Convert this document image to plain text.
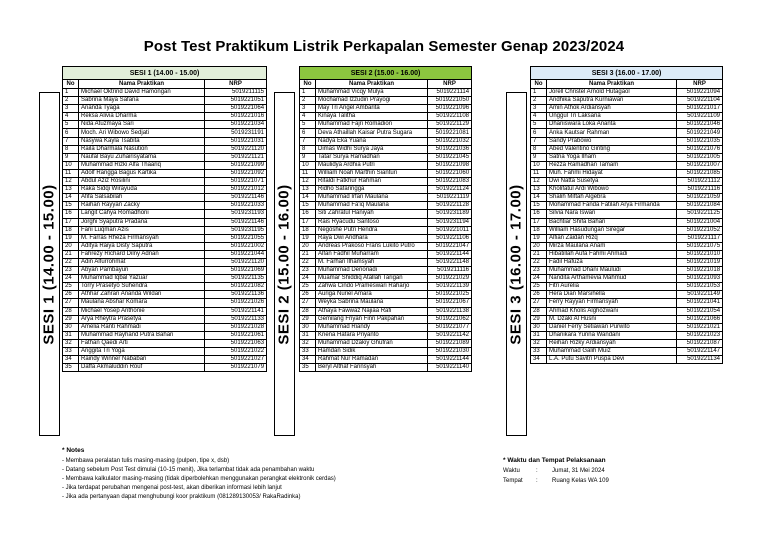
Post Test Praktikum Listrik Perkapalan Semester Genap 2023/2024
SESI 1 (14.00 - 15.00)	SESI 2 (15.00 - 16.00)	SESI 3 (16.00 - 17.00)
SESI 1 (14.00 - 15.00)		
No	Nama Praktikan	NRP
1	Michael Oktrind David Hamongan	5019211115
2	Sabrina Maya Safana	5019221051
3	Ananda Tyaga	5019221064
4	Reksa Alivia Dharma	5019221016
5	Nida Atuzmaya Sari	5019221034
6	Moch. Ari Wibowo Sedjati	5019231191
7	Nasywa Kayla Tsabita	5019221031
8	Raila Dharmala Nasution	5019221120
9	Naufal Bayu Zuhairisyatama	5019221121
10	Muhammad Rizki Alfa Thaariq	5019221099
11	Adolf Rangga Bagus Kartika	5019221092
12	Abdul Aziz Rosilini	5019221071
13	Raka Sidqi Wirayuda	5019221012
14	Afifa Salsabilah	5019221146
15	Raihan Rayyan Zacky	5019221033
16	Langit Cahya Romadhoni	5019231193
17	Jorghi Syaputra Pradana	5019221146
18	Fani Luqman Azis	5019231195
19	M. Farras Rheza Firmansyah	5019221055
20	Aditya Raiya Disty Saputra	5019221002
21	Fahrezy Richard Dilny Adnan	5019221044
22	Adin Alfurrohmat	5019221120
23	Abyan Pambayun	5019221069
24	Muhammad Iqbal Yazuar	5019221135
25	Torry Prasetyo Suhendra	5019221082
26	Athhar Zahran Ananda Wildan	5019221136
27	Maulana Abshar Komara	5019221026
28	Michael Yosep Anthonie	5019221141
29	Arya Rheytra Prasetya	5019221133
30	Amelia Ranti Rahmadi	5019221028
31	Muhammad Rayhand Putra Bahari	5019221061
32	Fathan Qaedi Arti	5019221063
33	Anggita Tri Yoga	5019221022
34	Raindy Winner Nababan	5019221027
35	Daffa Akmaluddin Rouf	5019221079
SESI 2 (15.00 - 16.00)		
No	Nama Praktikan	NRP
1	Muhammad Vicqy Mulya	5019221114
2	Mochamad Izzudin Prayogi	5019221050
3	May Tri Angel Ambarita	5019221096
4	Kinaya Talitha	5019221108
5	Muhammad Fajri Romadion	5019221129
6	Deva Athaillah Kaisar Putra Sugara	5019221081
7	Nadya Eka Yuana	5019221032
8	Dimas Widhi Surya Jaya	5019221036
9	Tatar Surya Ramadhan	5019221045
10	Maulidya Ardhia Putri	5019221098
11	William Noah Marthin Sianturi	5019221060
12	Rifaldi Fatkhur Rahman	5019221083
13	Ridho Safaringga	5019221124
14	Muhammad Irfan Maulana	5019221119
15	Muhammad Fa'iq Maulana	5019221128
16	Siti Zahratul Haniyah	5019231189
17	Rais Ryacudu Santoso	5019231194
18	Negoshe Putri Hendra	5019221011
19	Raya Dwi Andhara	5019221106
20	Andreas Prakoso Frans Lukito Putro	5019221047
21	Alfan Fadhil Muharram	5019221144
22	M. Farhan Ilhamsyah	5019221148
23	Muhammad Denoriadi	5019211116
24	Muamar Shiddiq Atallah Tarigan	5019221029
25	Zahwa Cindo Prameswari Raharjo	5019221139
26	Auriga Nuriel Amara	5019221025
27	Weyka Sabrina Maulana	5019221067
28	Athaya Fawwaz Najiaa Rafi	5019221138
29	Gemilang Friyan Finn Pakpahan	5019221062
30	Muhammad Riandy	5019221077
31	Kriena Hafara Priyanto	5019221142
32	Muhammad Dzakiy Ghufran	5019221089
33	Hamdan Sidik	5019221030
34	Rahmat Nur Ramadan	5019221144
35	Beryl Althaf Farinsyah	5019221140
SESI 3 (16.00 - 17.00)		
No	Nama Praktikan	NRP
1	Jorell Christel Arnold Hutagaol	5019221094
2	Andhika Saputra Kurniawan	5019221104
3	Amin Athok Ardiansyah	5019221017
4	Unggul Tri Laksana	5019221109
5	Dhaniswara Loka Ananta	5019221046
6	Anka Kautsar Rahman	5019221049
7	Sandy Prabowo	5019221035
8	Abed Valentino Ginting	5019221076
9	Satria Yoga Ilham	5019221005
10	Rezza Ramadhan Tamam	5019221007
11	Muh. Fahmi Hidayat	5019221085
12	Dwi Natta Susetya	5019221112
13	Kholifatul Ardi Wibowo	5019221116
14	Shalih Miftah Algebra	5019221059
15	Mohammad Fanda Fatilah Arya Firmanda	5019221084
16	Silvia Nara Iswari	5019221125
17	Bachtiar Shifa Bahari	5019221004
18	William Hasudungan Siregar	5019221052
19	Alfian Zaidan Rizq	5019221117
20	Mirza Maulana Anam	5019221075
21	Hibatillah Aufa Fahmi Ahmadi	5019221010
22	Fadil Hafuza	5019221019
23	Muhammad Dhani Mauludi	5019221018
24	Nandita Arthamevia Mahmud	5019221093
25	Fitri Aurelia	5019221053
26	Hera Dian Marsihella	5019221149
27	Ferry Rayyan Firmansyah	5019221041
28	Ahmad Kholis Alghozwani	5019221054
29	M. Dzaki Al Husni	5019221066
30	Daniel Ferry Setiawan Purwito	5019221021
31	Dhanikara Yunna Wandani	5019221023
32	Reihan Rizky Ardiansyah	5019221087
33	Muhammad Galih Muiz	5019221147
34	L.A. Putu Savitri Puspa Devi	5019221134
* Notes
- Membawa peralatan tulis masing-masing (pulpen, tipe x, dsb)
- Datang sebelum Post Test dimulai (10-15 menit), Jika terlambat tidak ada penambahan waktu
- Membawa kalkulator masing-masing (tidak diperbolehkan menggunakan perangkat elektronik cerdas)
- Jika terdapat perubahan mengenai post-test, akan diberikan informasi lebih lanjut
- Jika ada pertanyaan dapat menghubungi koor praktikum (081289130053/ RakaRadinka)
* Waktu dan Tempat Pelaksanaan
Waktu	: Jumat, 31 Mei 2024
Tempat : Ruang Kelas WA 109
